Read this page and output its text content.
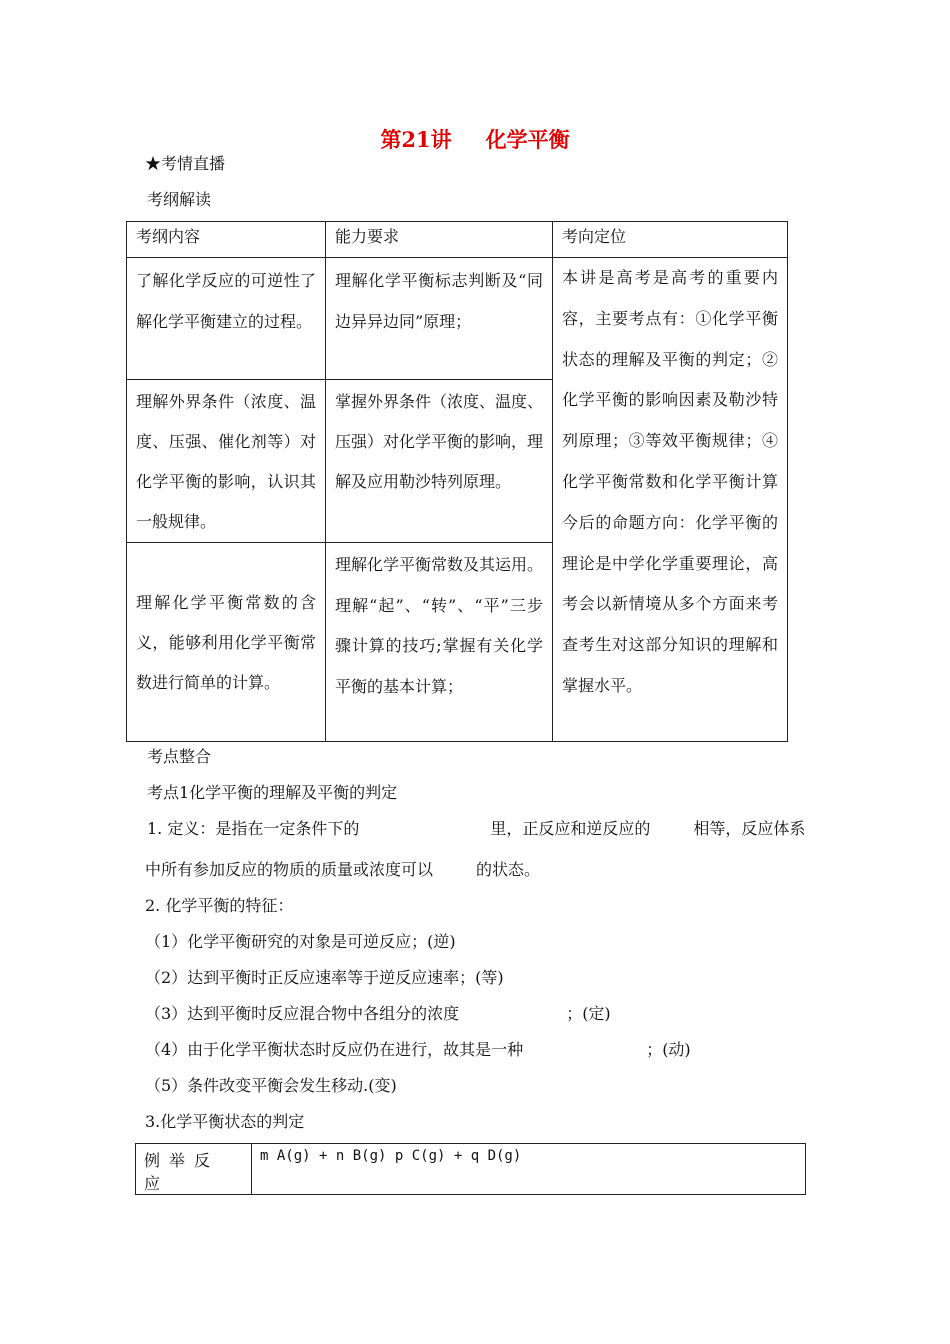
第21讲 化学平衡
★考情直播
考纲解读
考纲内容	能力要求	考向定位
了解化学反应的可逆性了解化学平衡建立的过程。	理解化学平衡标志判断及“同边异异边同”原理；	本讲是高考是高考的重要内容，主要考点有：①化学平衡状态的理解及平衡的判定；②化学平衡的影响因素及勒沙特列原理；③等效平衡规律；④化学平衡常数和化学平衡计算今后的命题方向：化学平衡的理论是中学化学重要理论，高考会以新情境从多个方面来考查考生对这部分知识的理解和掌握水平。

理解外界条件（浓度、温度、压强、催化剂等）对化学平衡的影响，认识其一般规律。	掌握外界条件（浓度、温度、压强）对化学平衡的影响，理解及应用勒沙特列原理。	
理解化学平衡常数的含义，能够利用化学平衡常数进行简单的计算。	理解化学平衡常数及其运用。理解“起”、“转”、“平”三步骤计算的技巧;掌握有关化学平衡的基本计算；	
考点整合
考点1化学平衡的理解及平衡的判定
1. 定义：是指在一定条件下的	里，正反应和逆反应的	相等，反应体系
中所有参加反应的物质的质量或浓度可以	的状态。
2. 化学平衡的特征：
（1）化学平衡研究的对象是可逆反应；(逆)
（2）达到平衡时正反应速率等于逆反应速率；(等)
（3）达到平衡时反应混合物中各组分的浓度	；(定)
（4）由于化学平衡状态时反应仍在进行，故其是一种	；(动)
（5）条件改变平衡会发生移动.(变)
3.化学平衡状态的判定
例举反应	m A(g) + n B(g) p C(g) + q D(g)
